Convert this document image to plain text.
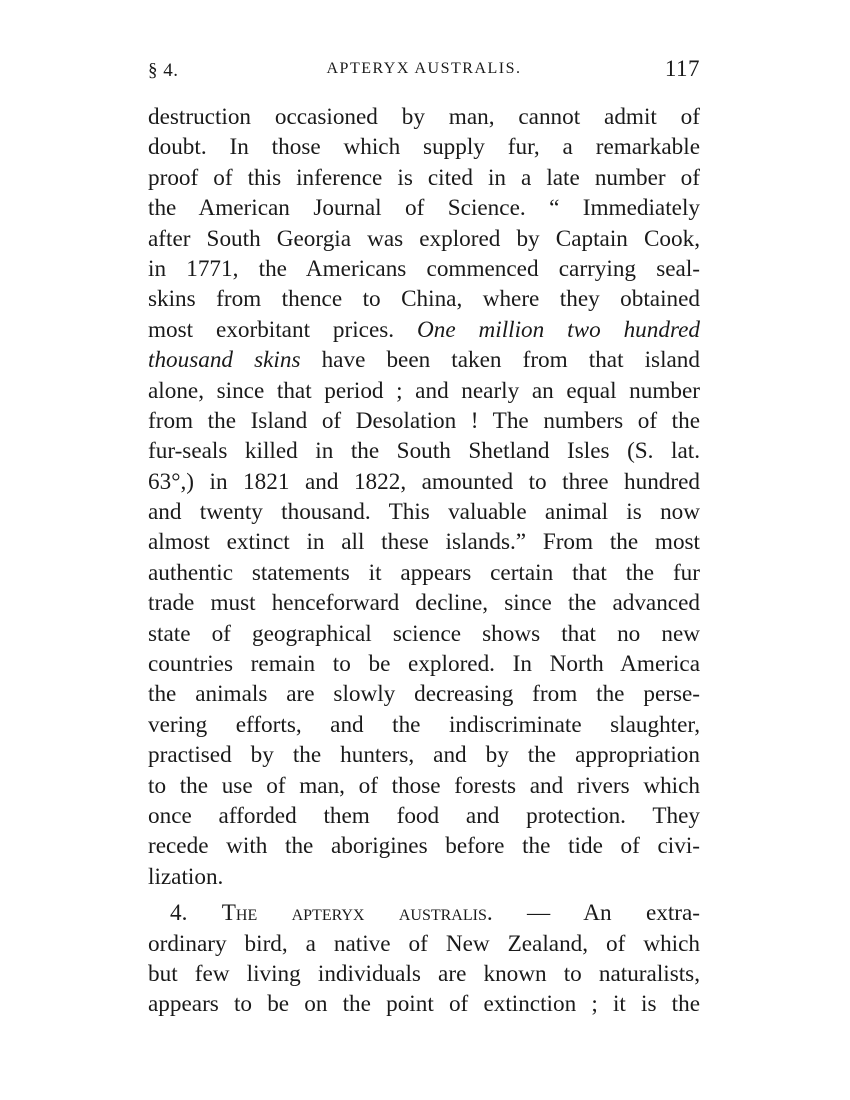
§ 4.	APTERYX AUSTRALIS.	117
destruction occasioned by man, cannot admit of
doubt. In those which supply fur, a remarkable
proof of this inference is cited in a late number of
the American Journal of Science. “ Immediately
after South Georgia was explored by Captain Cook,
in 1771, the Americans commenced carrying seal-
skins from thence to China, where they obtained
most exorbitant prices. One million two hundred
thousand skins have been taken from that island
alone, since that period ; and nearly an equal number
from the Island of Desolation ! The numbers of the
fur-seals killed in the South Shetland Isles (S. lat.
63°,) in 1821 and 1822, amounted to three hundred
and twenty thousand. This valuable animal is now
almost extinct in all these islands.” From the most
authentic statements it appears certain that the fur
trade must henceforward decline, since the advanced
state of geographical science shows that no new
countries remain to be explored. In North America
the animals are slowly decreasing from the perse-
vering efforts, and the indiscriminate slaughter,
practised by the hunters, and by the appropriation
to the use of man, of those forests and rivers which
once afforded them food and protection. They
recede with the aborigines before the tide of civi-
lization.
4. The apteryx australis. — An extra-
ordinary bird, a native of New Zealand, of which
but few living individuals are known to naturalists,
appears to be on the point of extinction ; it is the
